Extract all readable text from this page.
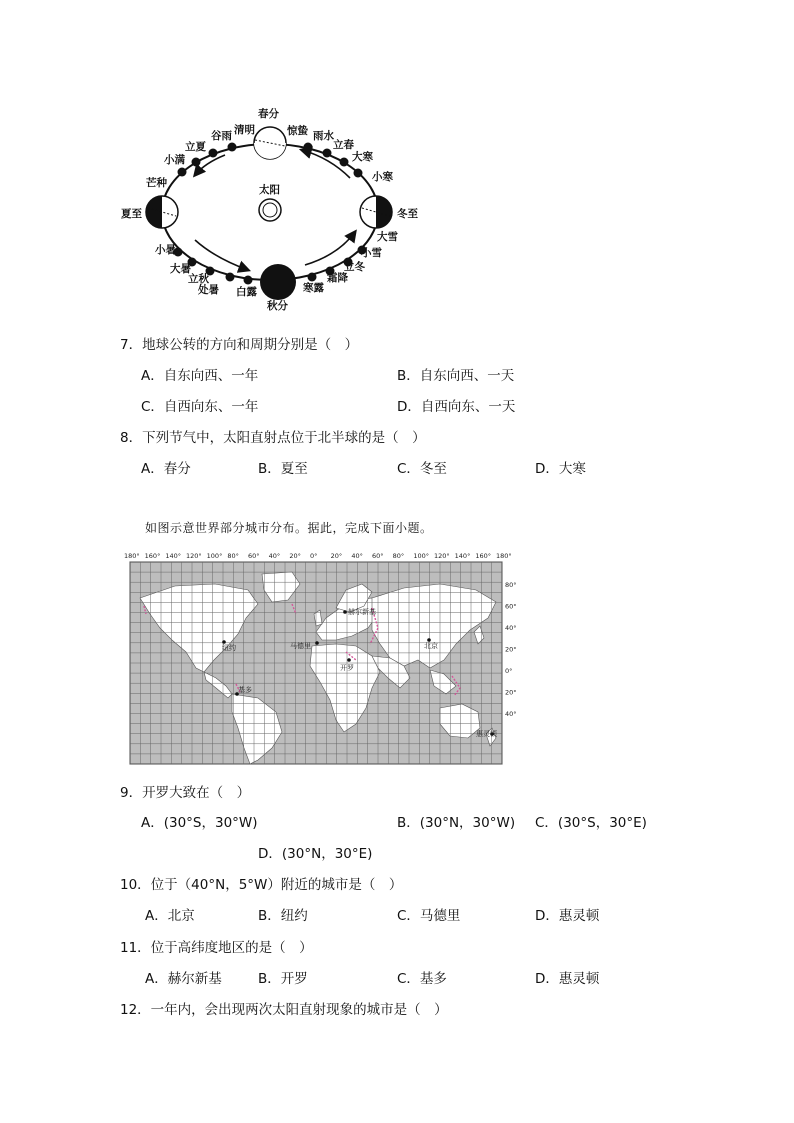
太阳
春分
惊蛰 雨水
立春
大寒
小寒
冬至
大雪
小雪
立冬
霜降
寒露
秋分
白露
处暑
立秋
大暑
小暑
夏至
芒种
小满
立夏
谷雨 清明
7．地球公转的方向和周期分别是（　）
A．自东向西、一年	B．自东向西、一天
C．自西向东、一年	D．自西向东、一天
8．下列节气中，太阳直射点位于北半球的是（　）
A．春分	B．夏至	C．冬至	D．大寒
如图示意世界部分城市分布。据此，完成下面小题。
180° 160° 140° 120° 100° 80° 60° 40° 20° 0° 20° 40° 60° 80° 100° 120° 140° 160° 180°
80°
60°
40°
20°
0°
20°
40°
赫尔新基
纽约	马德里
开罗
北京
基多
惠灵顿
9．开罗大致在（　）
A．(30°S，30°W)	B．(30°N，30°W) C．(30°S，30°E)
D．(30°N，30°E)
10．位于（40°N，5°W）附近的城市是（　）
A．北京	B．纽约	C．马德里	D．惠灵顿
11．位于高纬度地区的是（　）
A．赫尔新基	B．开罗	C．基多	D．惠灵顿
12．一年内，会出现两次太阳直射现象的城市是（　）
